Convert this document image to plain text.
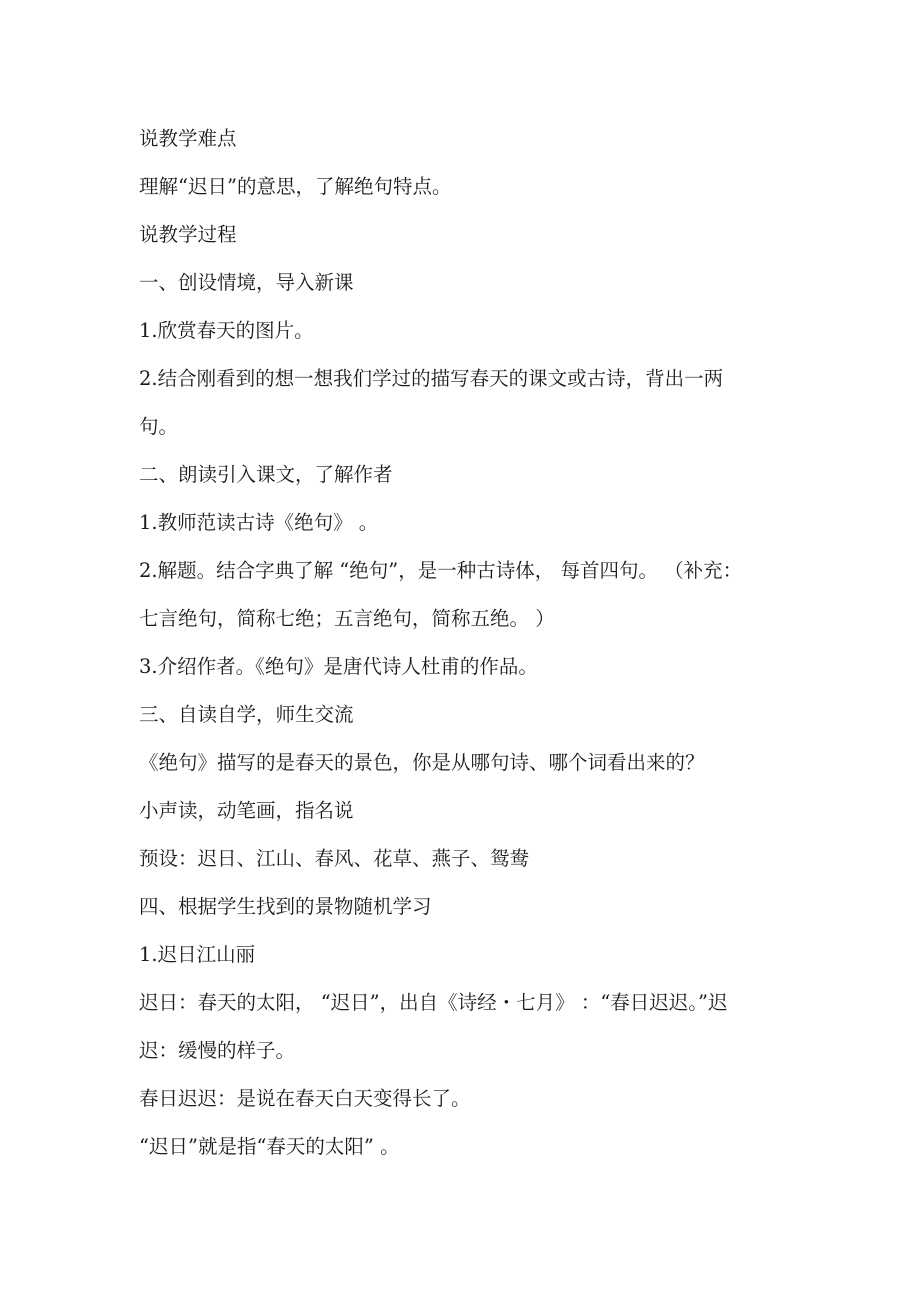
说教学难点
理解“迟日”的意思，了解绝句特点。
说教学过程
一、创设情境，导入新课
1.欣赏春天的图片。
2.结合刚看到的想一想我们学过的描写春天的课文或古诗，背出一两
句。
二、朗读引入课文，了解作者
1.教师范读古诗《绝句》 。
2.解题。结合字典了解 “绝句”，是一种古诗体， 每首四句。 （补充：
七言绝句，简称七绝；五言绝句，简称五绝。 ）
3.介绍作者。《绝句》是唐代诗人杜甫的作品。
三、自读自学，师生交流
《绝句》描写的是春天的景色，你是从哪句诗、哪个词看出来的？
小声读，动笔画，指名说
预设：迟日、江山、春风、花草、燕子、鸳鸯
四、根据学生找到的景物随机学习
1.迟日江山丽
迟日：春天的太阳， “迟日”，出自《诗经・七月》 ：“春日迟迟。”迟
迟：缓慢的样子。
春日迟迟：是说在春天白天变得长了。
“迟日”就是指“春天的太阳” 。
